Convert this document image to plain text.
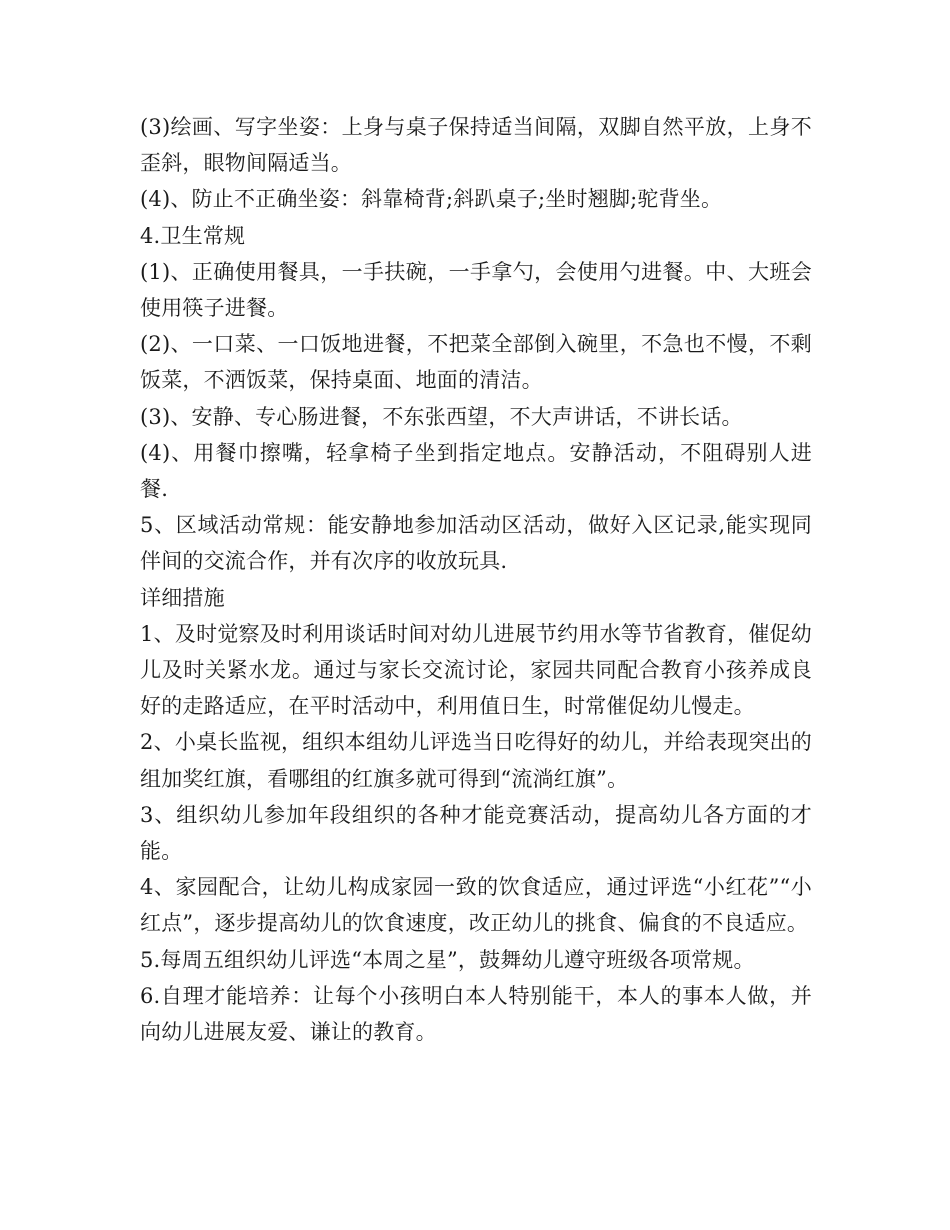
(3)绘画、写字坐姿：上身与桌子保持适当间隔，双脚自然平放，上身不歪斜，眼物间隔适当。

(4)、防止不正确坐姿：斜靠椅背;斜趴桌子;坐时翘脚;驼背坐。

4.卫生常规

(1)、正确使用餐具，一手扶碗，一手拿勺，会使用勺进餐。中、大班会使用筷子进餐。

(2)、一口菜、一口饭地进餐，不把菜全部倒入碗里，不急也不慢，不剩饭菜，不洒饭菜，保持桌面、地面的清洁。

(3)、安静、专心肠进餐，不东张西望，不大声讲话，不讲长话。

(4)、用餐巾擦嘴，轻拿椅子坐到指定地点。安静活动，不阻碍别人进餐.

5、区域活动常规：能安静地参加活动区活动，做好入区记录,能实现同伴间的交流合作，并有次序的收放玩具.

详细措施

1、及时觉察及时利用谈话时间对幼儿进展节约用水等节省教育，催促幼儿及时关紧水龙。通过与家长交流讨论，家园共同配合教育小孩养成良好的走路适应，在平时活动中，利用值日生，时常催促幼儿慢走。

2、小桌长监视，组织本组幼儿评选当日吃得好的幼儿，并给表现突出的组加奖红旗，看哪组的红旗多就可得到“流淌红旗”。

3、组织幼儿参加年段组织的各种才能竞赛活动，提高幼儿各方面的才能。

4、家园配合，让幼儿构成家园一致的饮食适应，通过评选“小红花”“小红点”，逐步提高幼儿的饮食速度，改正幼儿的挑食、偏食的不良适应。

5.每周五组织幼儿评选“本周之星”，鼓舞幼儿遵守班级各项常规。

6.自理才能培养：让每个小孩明白本人特别能干，本人的事本人做，并向幼儿进展友爱、谦让的教育。
